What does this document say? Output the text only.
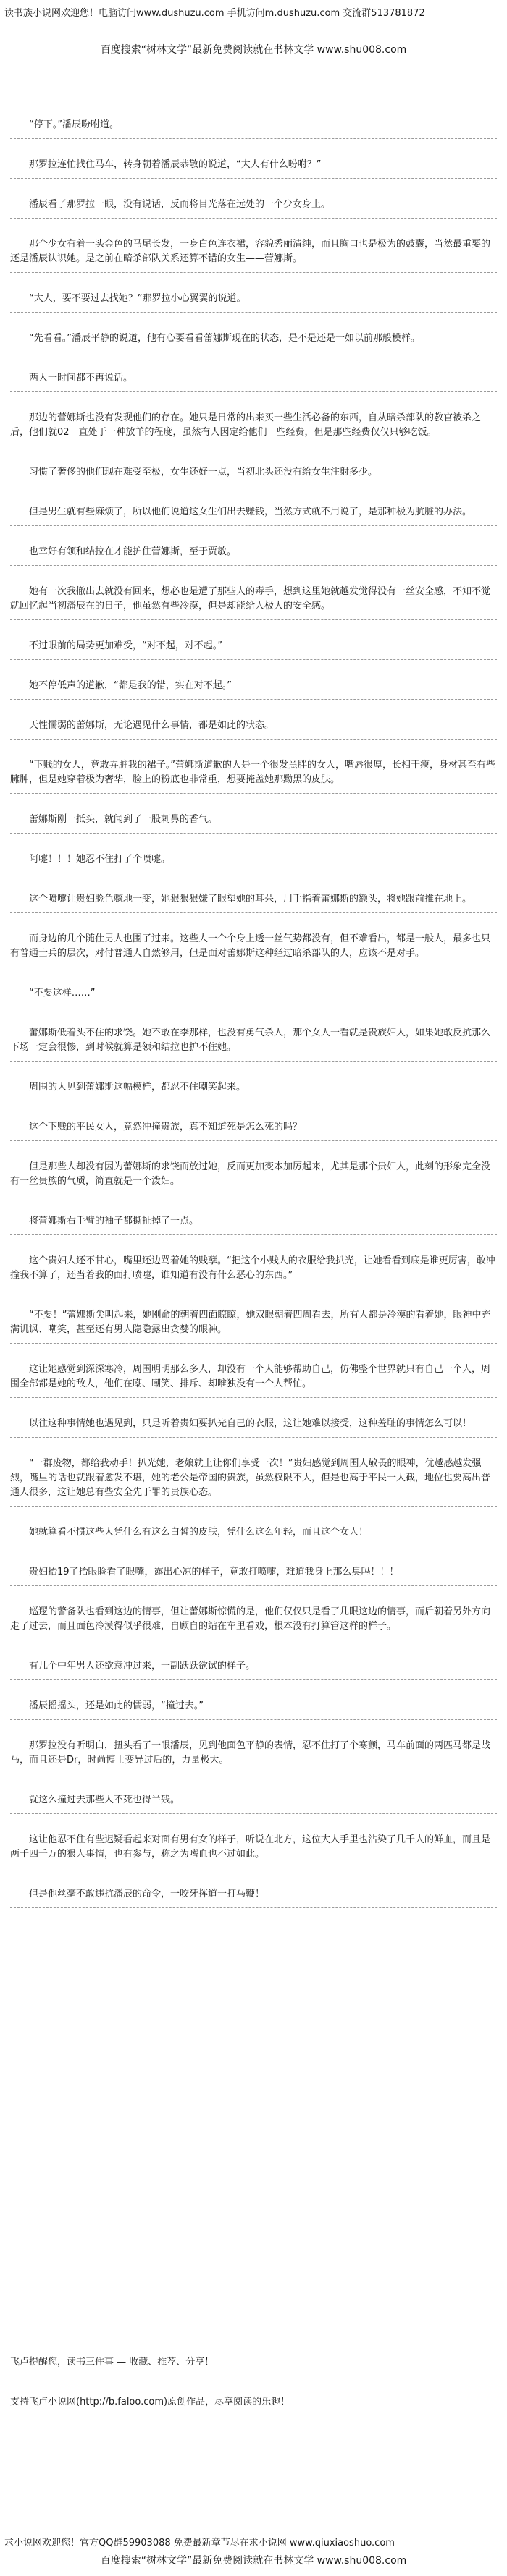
读书族小说网欢迎您！电脑访问www.dushuzu.com 手机访问m.dushuzu.com 交流群513781872
百度搜索“树林文学”最新免费阅读就在书林文学 www.shu008.com

“停下。”潘辰吩咐道。

那罗拉连忙找住马车，转身朝着潘辰恭敬的说道，“大人有什么吩咐？”

潘辰看了那罗拉一眼，没有说话，反而将目光落在远处的一个少女身上。

那个少女有着一头金色的马尾长发，一身白色连衣裙，容貌秀丽清纯，而且胸口也是极为的鼓囊，当然最重要的还是潘辰认识她。是之前在暗杀部队关系还算不错的女生——蕾娜斯。

“大人，要不要过去找她？”那罗拉小心翼翼的说道。

“先看看。”潘辰平静的说道，他有心要看看蕾娜斯现在的状态，是不是还是一如以前那般模样。

两人一时间都不再说话。

那边的蕾娜斯也没有发现他们的存在。她只是日常的出来买一些生活必备的东西，自从暗杀部队的教官被杀之后，他们就02一直处于一种放羊的程度，虽然有人因定给他们一些经费，但是那些经费仅仅只够吃饭。

习惯了奢侈的他们现在难受至极，女生还好一点，当初北头还没有给女生注射多少。

但是男生就有些麻烦了，所以他们说道这女生们出去赚钱，当然方式就不用说了，是那种极为肮脏的办法。

也幸好有领和结拉在才能护住蕾娜斯，至于贾敏。

她有一次我撤出去就没有回来，想必也是遭了那些人的毒手，想到这里她就越发觉得没有一丝安全感，不知不觉就回忆起当初潘辰在的日子，他虽然有些冷漠，但是却能给人极大的安全感。

不过眼前的局势更加难受，“对不起，对不起。”

她不停低声的道歉，“都是我的错，实在对不起。”

天性懦弱的蕾娜斯，无论遇见什么事情，都是如此的状态。

“下贱的女人，竟敢弄脏我的裙子。”蕾娜斯道歉的人是一个很发黑胖的女人，嘴唇很厚，长相干瘪，身材甚至有些臃肿，但是她穿着极为奢华，脸上的粉底也非常重，想要掩盖她那黝黑的皮肤。

蕾娜斯刚一抵头，就闻到了一股刺鼻的香气。

阿嚏！！！她忍不住打了个喷嚏。

这个喷嚏让贵妇脸色骤地一变，她狠狠狠嫌了眼望她的耳朵，用手指着蕾娜斯的额头，将她跟前推在地上。

而身边的几个随仕男人也围了过来。这些人一个个身上透一丝气势都没有，但不难看出，都是一般人，最多也只有普通士兵的层次，对付普通人自然够用，但是面对蕾娜斯这种经过暗杀部队的人，应该不是对手。

“不要这样……”

蕾娜斯低着头不住的求饶。她不敢在李那样，也没有勇气杀人，那个女人一看就是贵族妇人，如果她敢反抗那么下场一定会很惨，到时候就算是领和结拉也护不住她。

周围的人见到蕾娜斯这幅模样，都忍不住嘲笑起来。

这个下贱的平民女人，竟然冲撞贵族，真不知道死是怎么死的吗？

但是那些人却没有因为蕾娜斯的求饶而放过她，反而更加变本加厉起来，尤其是那个贵妇人，此刻的形象完全没有一丝贵族的气质，简直就是一个泼妇。

将蕾娜斯右手臂的袖子都撕扯掉了一点。

这个贵妇人还不甘心，嘴里还边骂着她的贱孽。“把这个小贱人的衣服给我扒光，让她看看到底是谁更厉害，敢冲撞我不算了，还当着我的面打喷嚏，谁知道有没有什么恶心的东西。”

“不要！”蕾娜斯尖叫起来，她刚命的朝着四面瞭瞭，她双眼朝着四周看去，所有人都是冷漠的看着她，眼神中充满讥讽、嘲笑，甚至还有男人隐隐露出贪婪的眼神。

这让她感觉到深深寒冷，周围明明那么多人，却没有一个人能够帮助自己，仿佛整个世界就只有自己一个人，周围全部都是她的敌人，他们在嘲、嘲笑、排斥、却唯独没有一个人帮忙。

以往这种事情她也遇见到，只是听着贵妇要扒光自己的衣服，这让她难以接受，这种羞耻的事情怎么可以！

“一群废物，都给我动手！扒光她，老娘就上让你们享受一次！”贵妇感觉到周围人敬畏的眼神，优越感越发强烈，嘴里的话也就跟着愈发不堪，她的老公是帝国的贵族，虽然权限不大，但是也高于平民一大截，地位也要高出普通人很多，这让她总有些安全先于罪的贵族心态。

她就算看不惯这些人凭什么有这么白皙的皮肤，凭什么这么年轻，而且这个女人！

贵妇抬19了抬眼睑看了眼嘴，露出心凉的样子，竟敢打喷嚏，难道我身上那么臭吗！！！

巡逻的警备队也看到这边的情事，但让蕾娜斯惊慌的是，他们仅仅只是看了几眼这边的情事，而后朝着另外方向走了过去，而且面色冷漠得似乎很难，自顾自的站在车里看戏，根本没有打算管这样的样子。

有几个中年男人还欲意冲过来，一副跃跃欲试的样子。

潘辰摇摇头，还是如此的懦弱，“撞过去。”

那罗拉没有听明白，扭头看了一眼潘辰，见到他面色平静的表情，忍不住打了个寒颤，马车前面的两匹马都是战马，而且还是Dr，时尚博士变异过后的，力量极大。

就这么撞过去那些人不死也得半残。

这让他忍不住有些迟疑看起来对面有男有女的样子，听说在北方，这位大人手里也沾染了几千人的鲜血，而且是两千四千万的狠人事情，也有参与，称之为嗜血也不过如此。

但是他丝毫不敢违抗潘辰的命令，一咬牙挥道一打马鞭！

飞卢提醒您，读书三件事 — 收藏、推荐、分享！
支持飞卢小说网(http://b.faloo.com)原创作品，尽享阅读的乐趣！
求小说网欢迎您！官方QQ群59903088 免费最新章节尽在求小说网 www.qiuxiaoshuo.com
百度搜索“树林文学”最新免费阅读就在书林文学 www.shu008.com
